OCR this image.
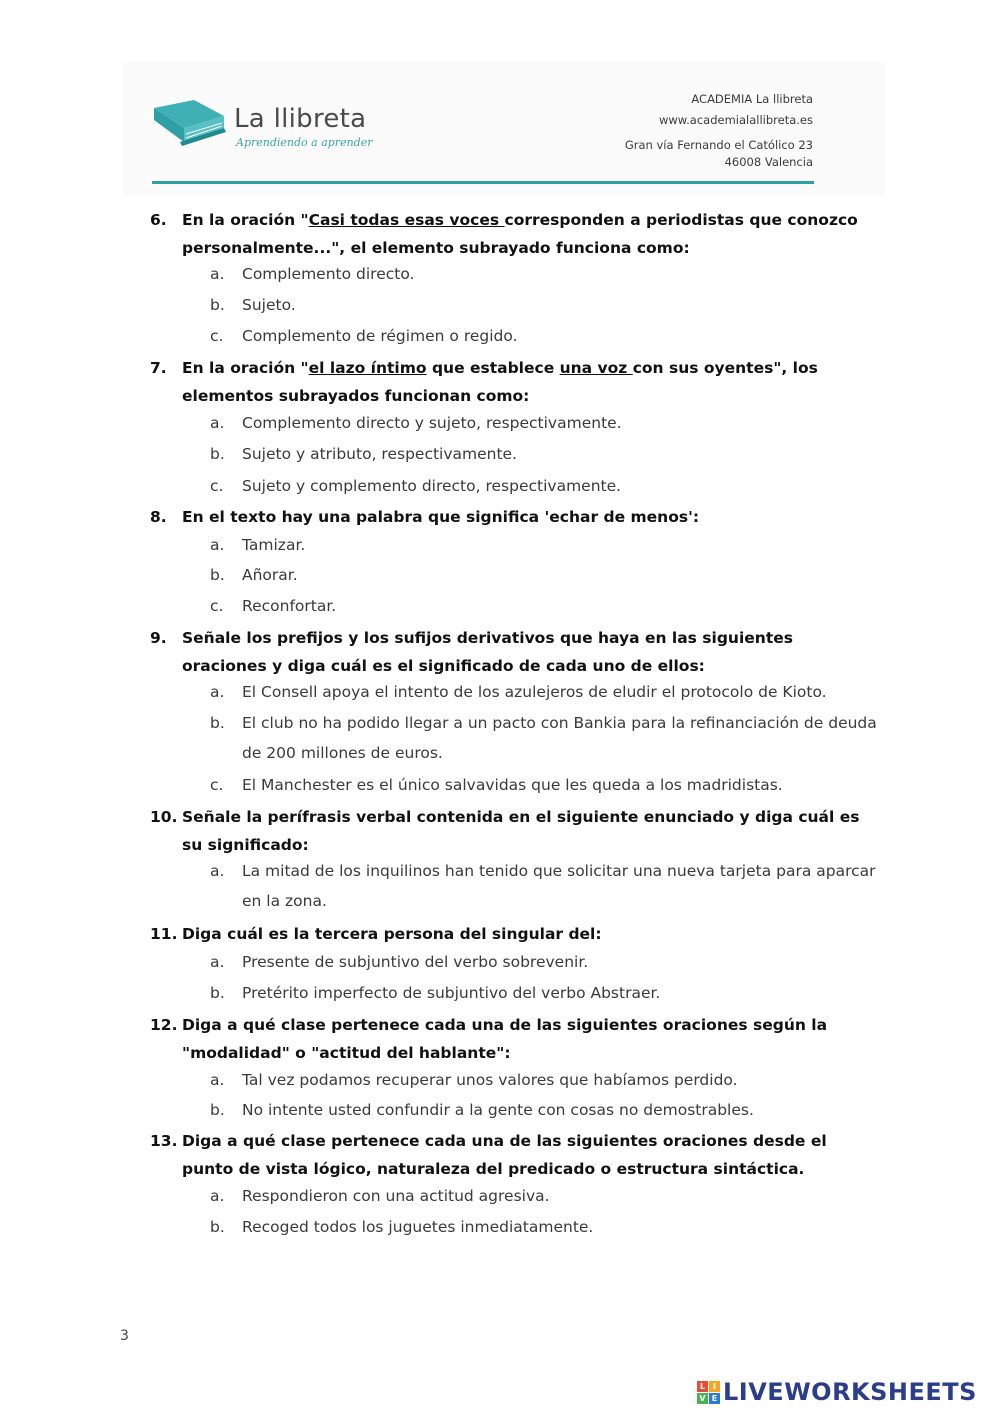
La llibreta
Aprendiendo a aprender
ACADEMIA La llibreta
www.academialallibreta.es
Gran vía Fernando el Católico 23
46008 Valencia
6. En la oración "Casi todas esas voces corresponden a periodistas que conozco personalmente...", el elemento subrayado funciona como:
a. Complemento directo.
b. Sujeto.
c. Complemento de régimen o regido.
7. En la oración "el lazo íntimo que establece una voz con sus oyentes", los elementos subrayados funcionan como:
a. Complemento directo y sujeto, respectivamente.
b. Sujeto y atributo, respectivamente.
c. Sujeto y complemento directo, respectivamente.
8. En el texto hay una palabra que significa 'echar de menos':
a. Tamizar.
b. Añorar.
c. Reconfortar.
9. Señale los prefijos y los sufijos derivativos que haya en las siguientes oraciones y diga cuál es el significado de cada uno de ellos:
a. El Consell apoya el intento de los azulejeros de eludir el protocolo de Kioto.
b. El club no ha podido llegar a un pacto con Bankia para la refinanciación de deuda de 200 millones de euros.
c. El Manchester es el único salvavidas que les queda a los madridistas.
10. Señale la perífrasis verbal contenida en el siguiente enunciado y diga cuál es su significado:
a. La mitad de los inquilinos han tenido que solicitar una nueva tarjeta para aparcar en la zona.
11. Diga cuál es la tercera persona del singular del:
a. Presente de subjuntivo del verbo sobrevenir.
b. Pretérito imperfecto de subjuntivo del verbo Abstraer.
12. Diga a qué clase pertenece cada una de las siguientes oraciones según la "modalidad" o "actitud del hablante":
a. Tal vez podamos recuperar unos valores que habíamos perdido.
b. No intente usted confundir a la gente con cosas no demostrables.
13. Diga a qué clase pertenece cada una de las siguientes oraciones desde el punto de vista lógico, naturaleza del predicado o estructura sintáctica.
a. Respondieron con una actitud agresiva.
b. Recoged todos los juguetes inmediatamente.
3
L I
V E LIVEWORKSHEETS
